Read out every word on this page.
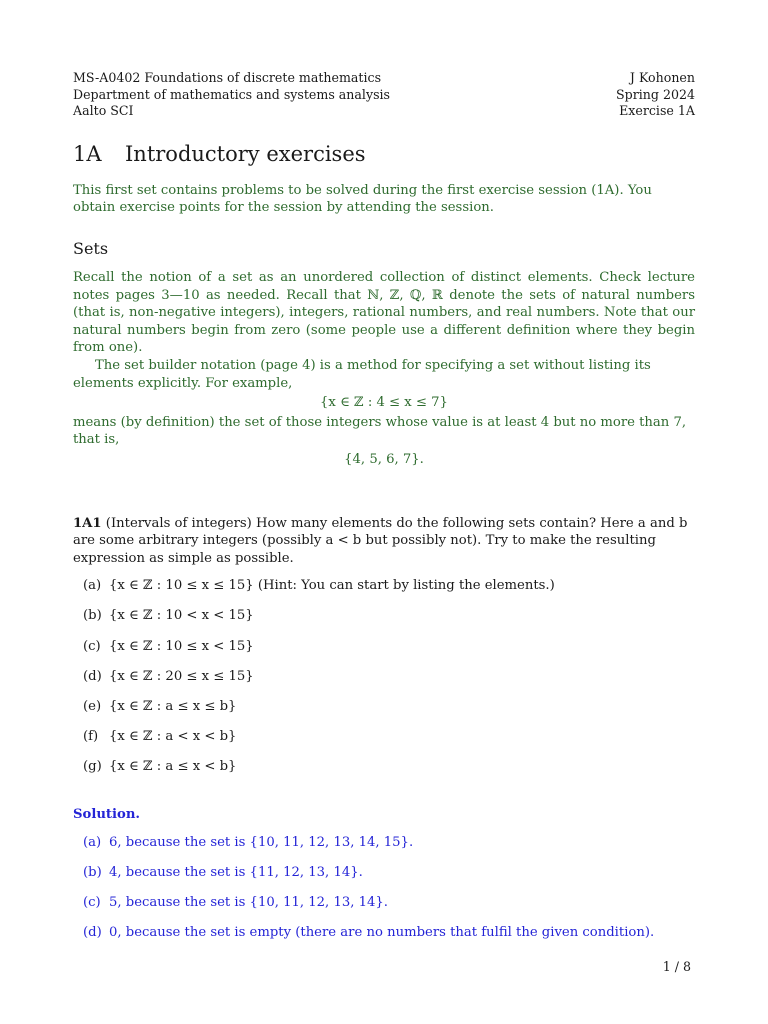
MS-A0402 Foundations of discrete mathematics
Department of mathematics and systems analysis
Aalto SCI
J Kohonen
Spring 2024
Exercise 1A
1A Introductory exercises
This first set contains problems to be solved during the first exercise session (1A). You obtain exercise points for the session by attending the session.
Sets
Recall the notion of a set as an unordered collection of distinct elements. Check lecture notes pages 3—10 as needed. Recall that ℕ, ℤ, ℚ, ℝ denote the sets of natural numbers (that is, non-negative integers), integers, rational numbers, and real numbers. Note that our natural numbers begin from zero (some people use a different definition where they begin from one).
The set builder notation (page 4) is a method for specifying a set without listing its elements explicitly. For example,
{x ∈ ℤ : 4 ≤ x ≤ 7}
means (by definition) the set of those integers whose value is at least 4 but no more than 7, that is,
{4, 5, 6, 7}.
1A1 (Intervals of integers) How many elements do the following sets contain? Here a and b are some arbitrary integers (possibly a < b but possibly not). Try to make the resulting expression as simple as possible.
(a) {x ∈ ℤ : 10 ≤ x ≤ 15} (Hint: You can start by listing the elements.)
(b) {x ∈ ℤ : 10 < x < 15}
(c) {x ∈ ℤ : 10 ≤ x < 15}
(d) {x ∈ ℤ : 20 ≤ x ≤ 15}
(e) {x ∈ ℤ : a ≤ x ≤ b}
(f) {x ∈ ℤ : a < x < b}
(g) {x ∈ ℤ : a ≤ x < b}
Solution.
(a) 6, because the set is {10, 11, 12, 13, 14, 15}.
(b) 4, because the set is {11, 12, 13, 14}.
(c) 5, because the set is {10, 11, 12, 13, 14}.
(d) 0, because the set is empty (there are no numbers that fulfil the given condition).
1 / 8
